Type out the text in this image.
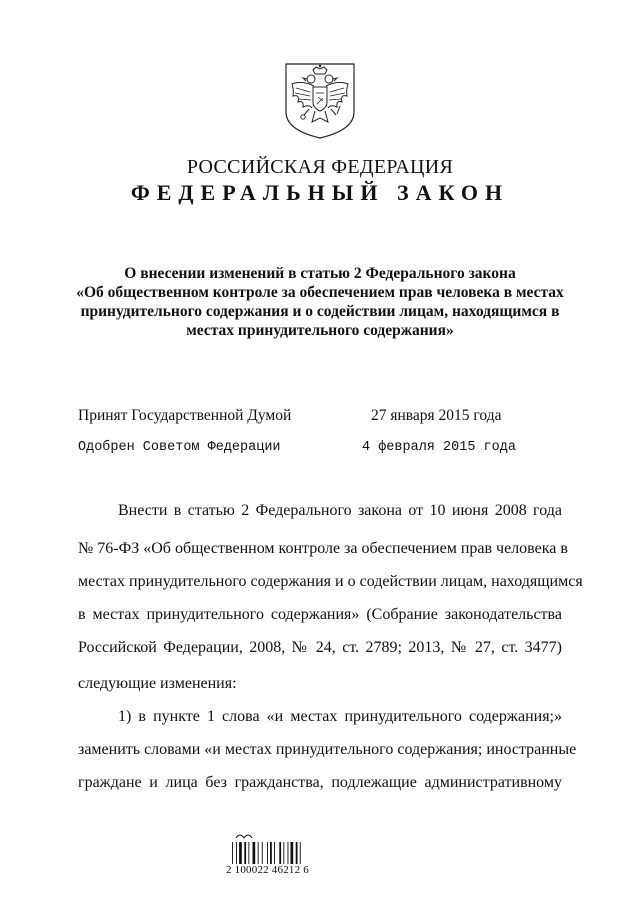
РОССИЙСКАЯ ФЕДЕРАЦИЯ
ФЕДЕРАЛЬНЫЙ ЗАКОН
О внесении изменений в статью 2 Федерального закона
«Об общественном контроле за обеспечением прав человека в местах
принудительного содержания и о содействии лицам, находящимся в
местах принудительного содержания»
Принят Государственной Думой	27 января 2015 года
Одобрен Советом Федерации	4 февраля 2015 года
Внести в статью 2 Федерального закона от 10 июня 2008 года
№ 76-ФЗ «Об общественном контроле за обеспечением прав человека в
местах принудительного содержания и о содействии лицам, находящимся
в местах принудительного содержания» (Собрание законодательства
Российской Федерации, 2008, № 24, ст. 2789; 2013, № 27, ст. 3477)
следующие изменения:
1) в пункте 1 слова «и местах принудительного содержания;»
заменить словами «и местах принудительного содержания; иностранные
граждане и лица без гражданства, подлежащие административному
2 100022 46212 6
